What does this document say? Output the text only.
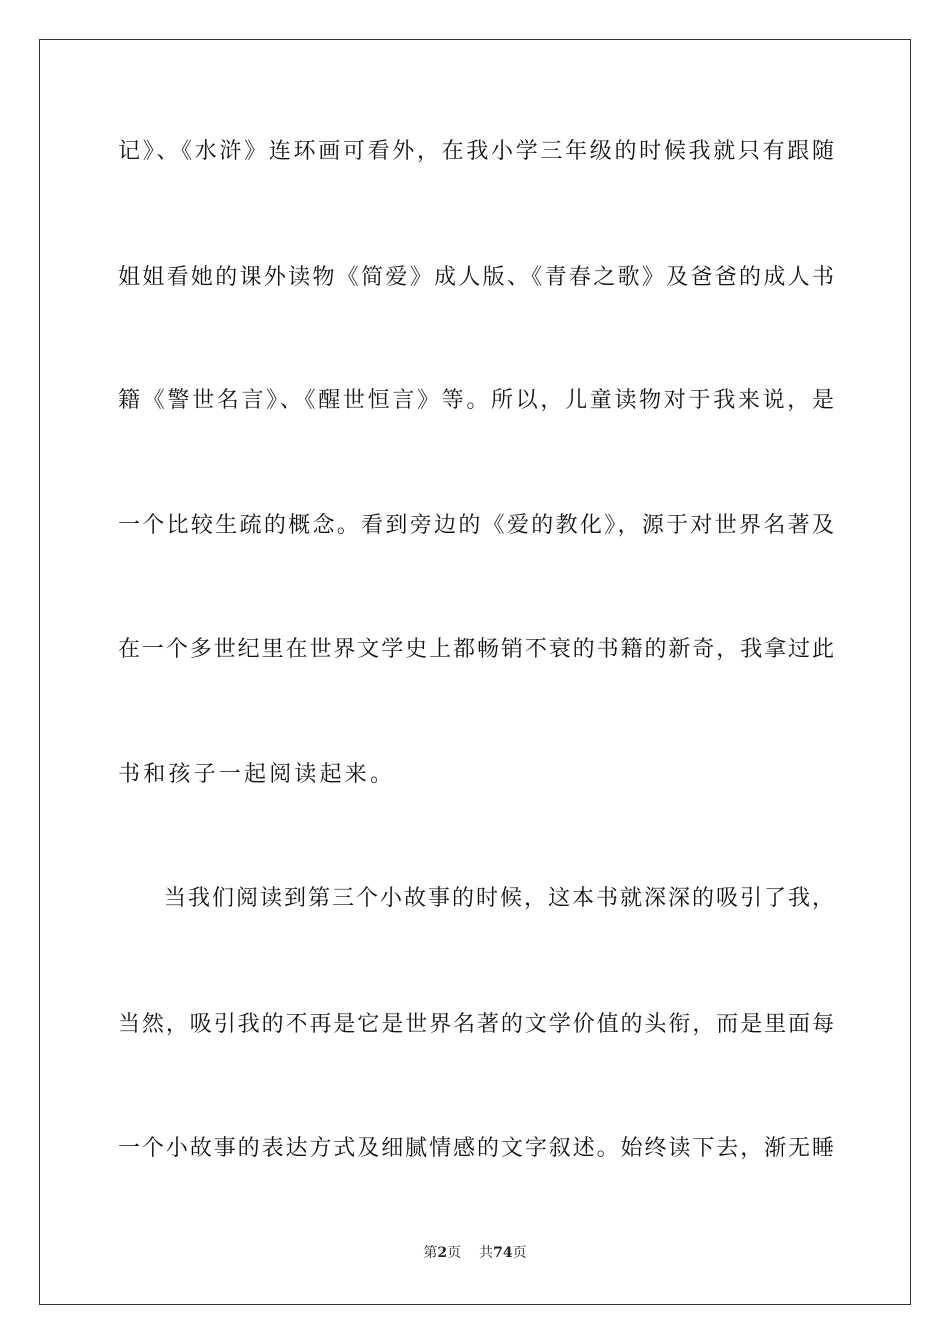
记》、《水浒》连环画可看外，在我小学三年级的时候我就只有跟随
姐姐看她的课外读物《简爱》成人版、《青春之歌》及爸爸的成人书
籍《警世名言》、《醒世恒言》等。所以，儿童读物对于我来说，是
一个比较生疏的概念。看到旁边的《爱的教化》，源于对世界名著及
在一个多世纪里在世界文学史上都畅销不衰的书籍的新奇，我拿过此
书和孩子一起阅读起来。
当我们阅读到第三个小故事的时候，这本书就深深的吸引了我，
当然，吸引我的不再是它是世界名著的文学价值的头衔，而是里面每
一个小故事的表达方式及细腻情感的文字叙述。始终读下去，渐无睡
第2页 共74页
